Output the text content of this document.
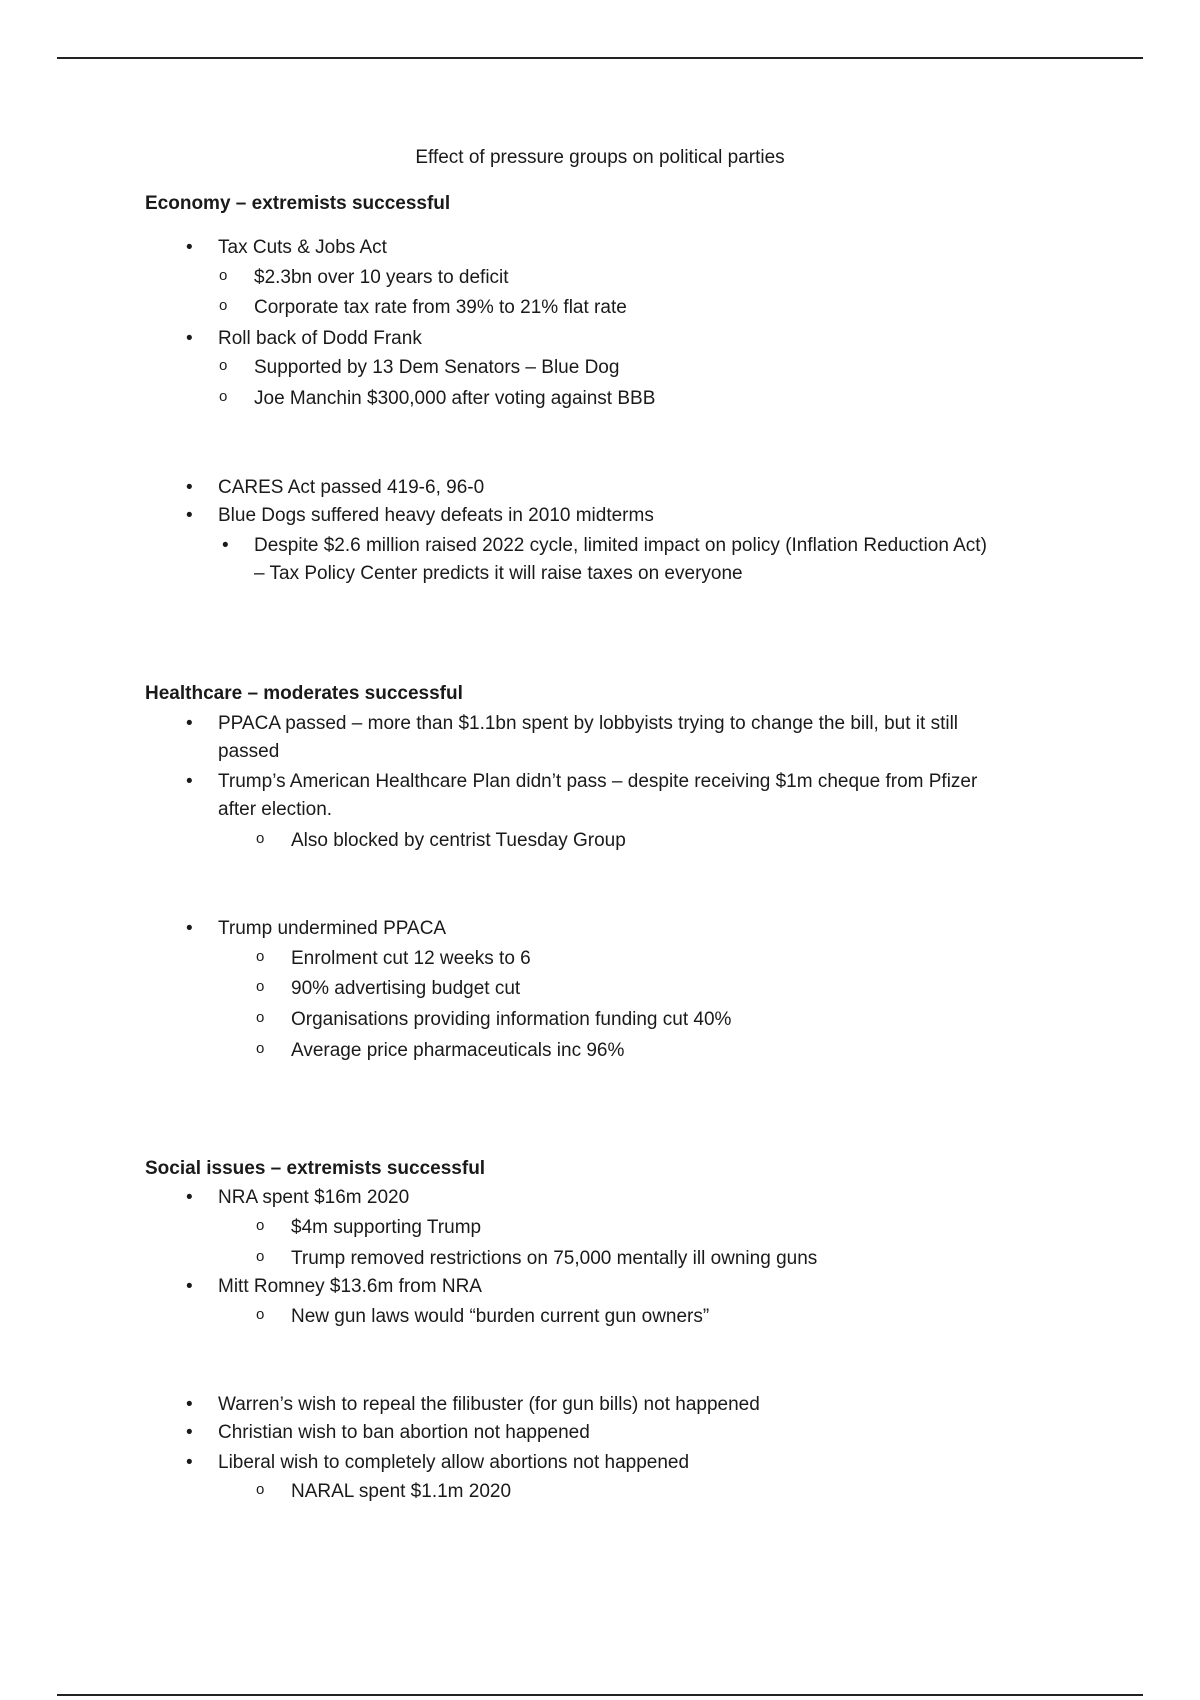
Effect of pressure groups on political parties
Economy – extremists successful
• Tax Cuts & Jobs Act
o $2.3bn over 10 years to deficit
o Corporate tax rate from 39% to 21% flat rate
• Roll back of Dodd Frank
o Supported by 13 Dem Senators – Blue Dog
o Joe Manchin $300,000 after voting against BBB
• CARES Act passed 419-6, 96-0
• Blue Dogs suffered heavy defeats in 2010 midterms
• Despite $2.6 million raised 2022 cycle, limited impact on policy (Inflation Reduction Act)
– Tax Policy Center predicts it will raise taxes on everyone
Healthcare – moderates successful
• PPACA passed – more than $1.1bn spent by lobbyists trying to change the bill, but it still
passed
• Trump’s American Healthcare Plan didn’t pass – despite receiving $1m cheque from Pfizer
after election.
o Also blocked by centrist Tuesday Group
• Trump undermined PPACA
o Enrolment cut 12 weeks to 6
o 90% advertising budget cut
o Organisations providing information funding cut 40%
o Average price pharmaceuticals inc 96%
Social issues – extremists successful
• NRA spent $16m 2020
o $4m supporting Trump
o Trump removed restrictions on 75,000 mentally ill owning guns
• Mitt Romney $13.6m from NRA
o New gun laws would “burden current gun owners”
• Warren’s wish to repeal the filibuster (for gun bills) not happened
• Christian wish to ban abortion not happened
• Liberal wish to completely allow abortions not happened
o NARAL spent $1.1m 2020
